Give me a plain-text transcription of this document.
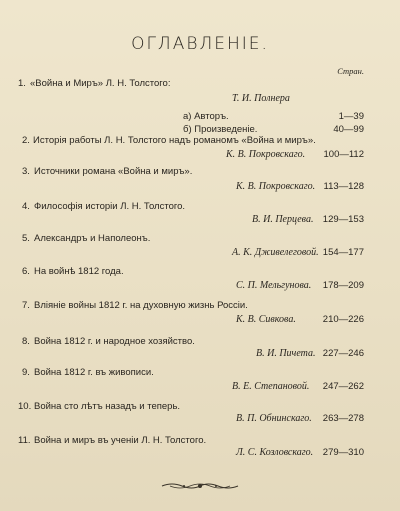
ОГЛАВЛЕНІЕ.
Стран.
1. «Война и Миръ» Л. Н. Толстого:
Т. И. Полнера
а) Авторъ.	1—39
б) Произведеніе.	40—99
2. Исторія работы Л. Н. Толстого надъ романомъ «Война и миръ».
К. В. Покровскаго. 100—112
3. Источники романа «Война и миръ».
К. В. Покровскаго. 113—128
4. Философія исторіи Л. Н. Толстого.
В. И. Перцева. 129—153
5. Александръ и Наполеонъ.
А. К. Дживелеговой. 154—177
6. На войнѣ 1812 года.
С. П. Мельгунова. 178—209
7. Вліяніе войны 1812 г. на духовную жизнь Россіи.
К. В. Сивкова.	210—226
8. Война 1812 г. и народное хозяйство.
В. И. Пичета. 227—246
9. Война 1812 г. въ живописи.
В. Е. Степановой. 247—262
10. Война сто лѣтъ назадъ и теперь.
В. П. Обнинскаго. 263—278
11. Война и миръ въ ученіи Л. Н. Толстого.
Л. С. Козловскаго. 279—310
